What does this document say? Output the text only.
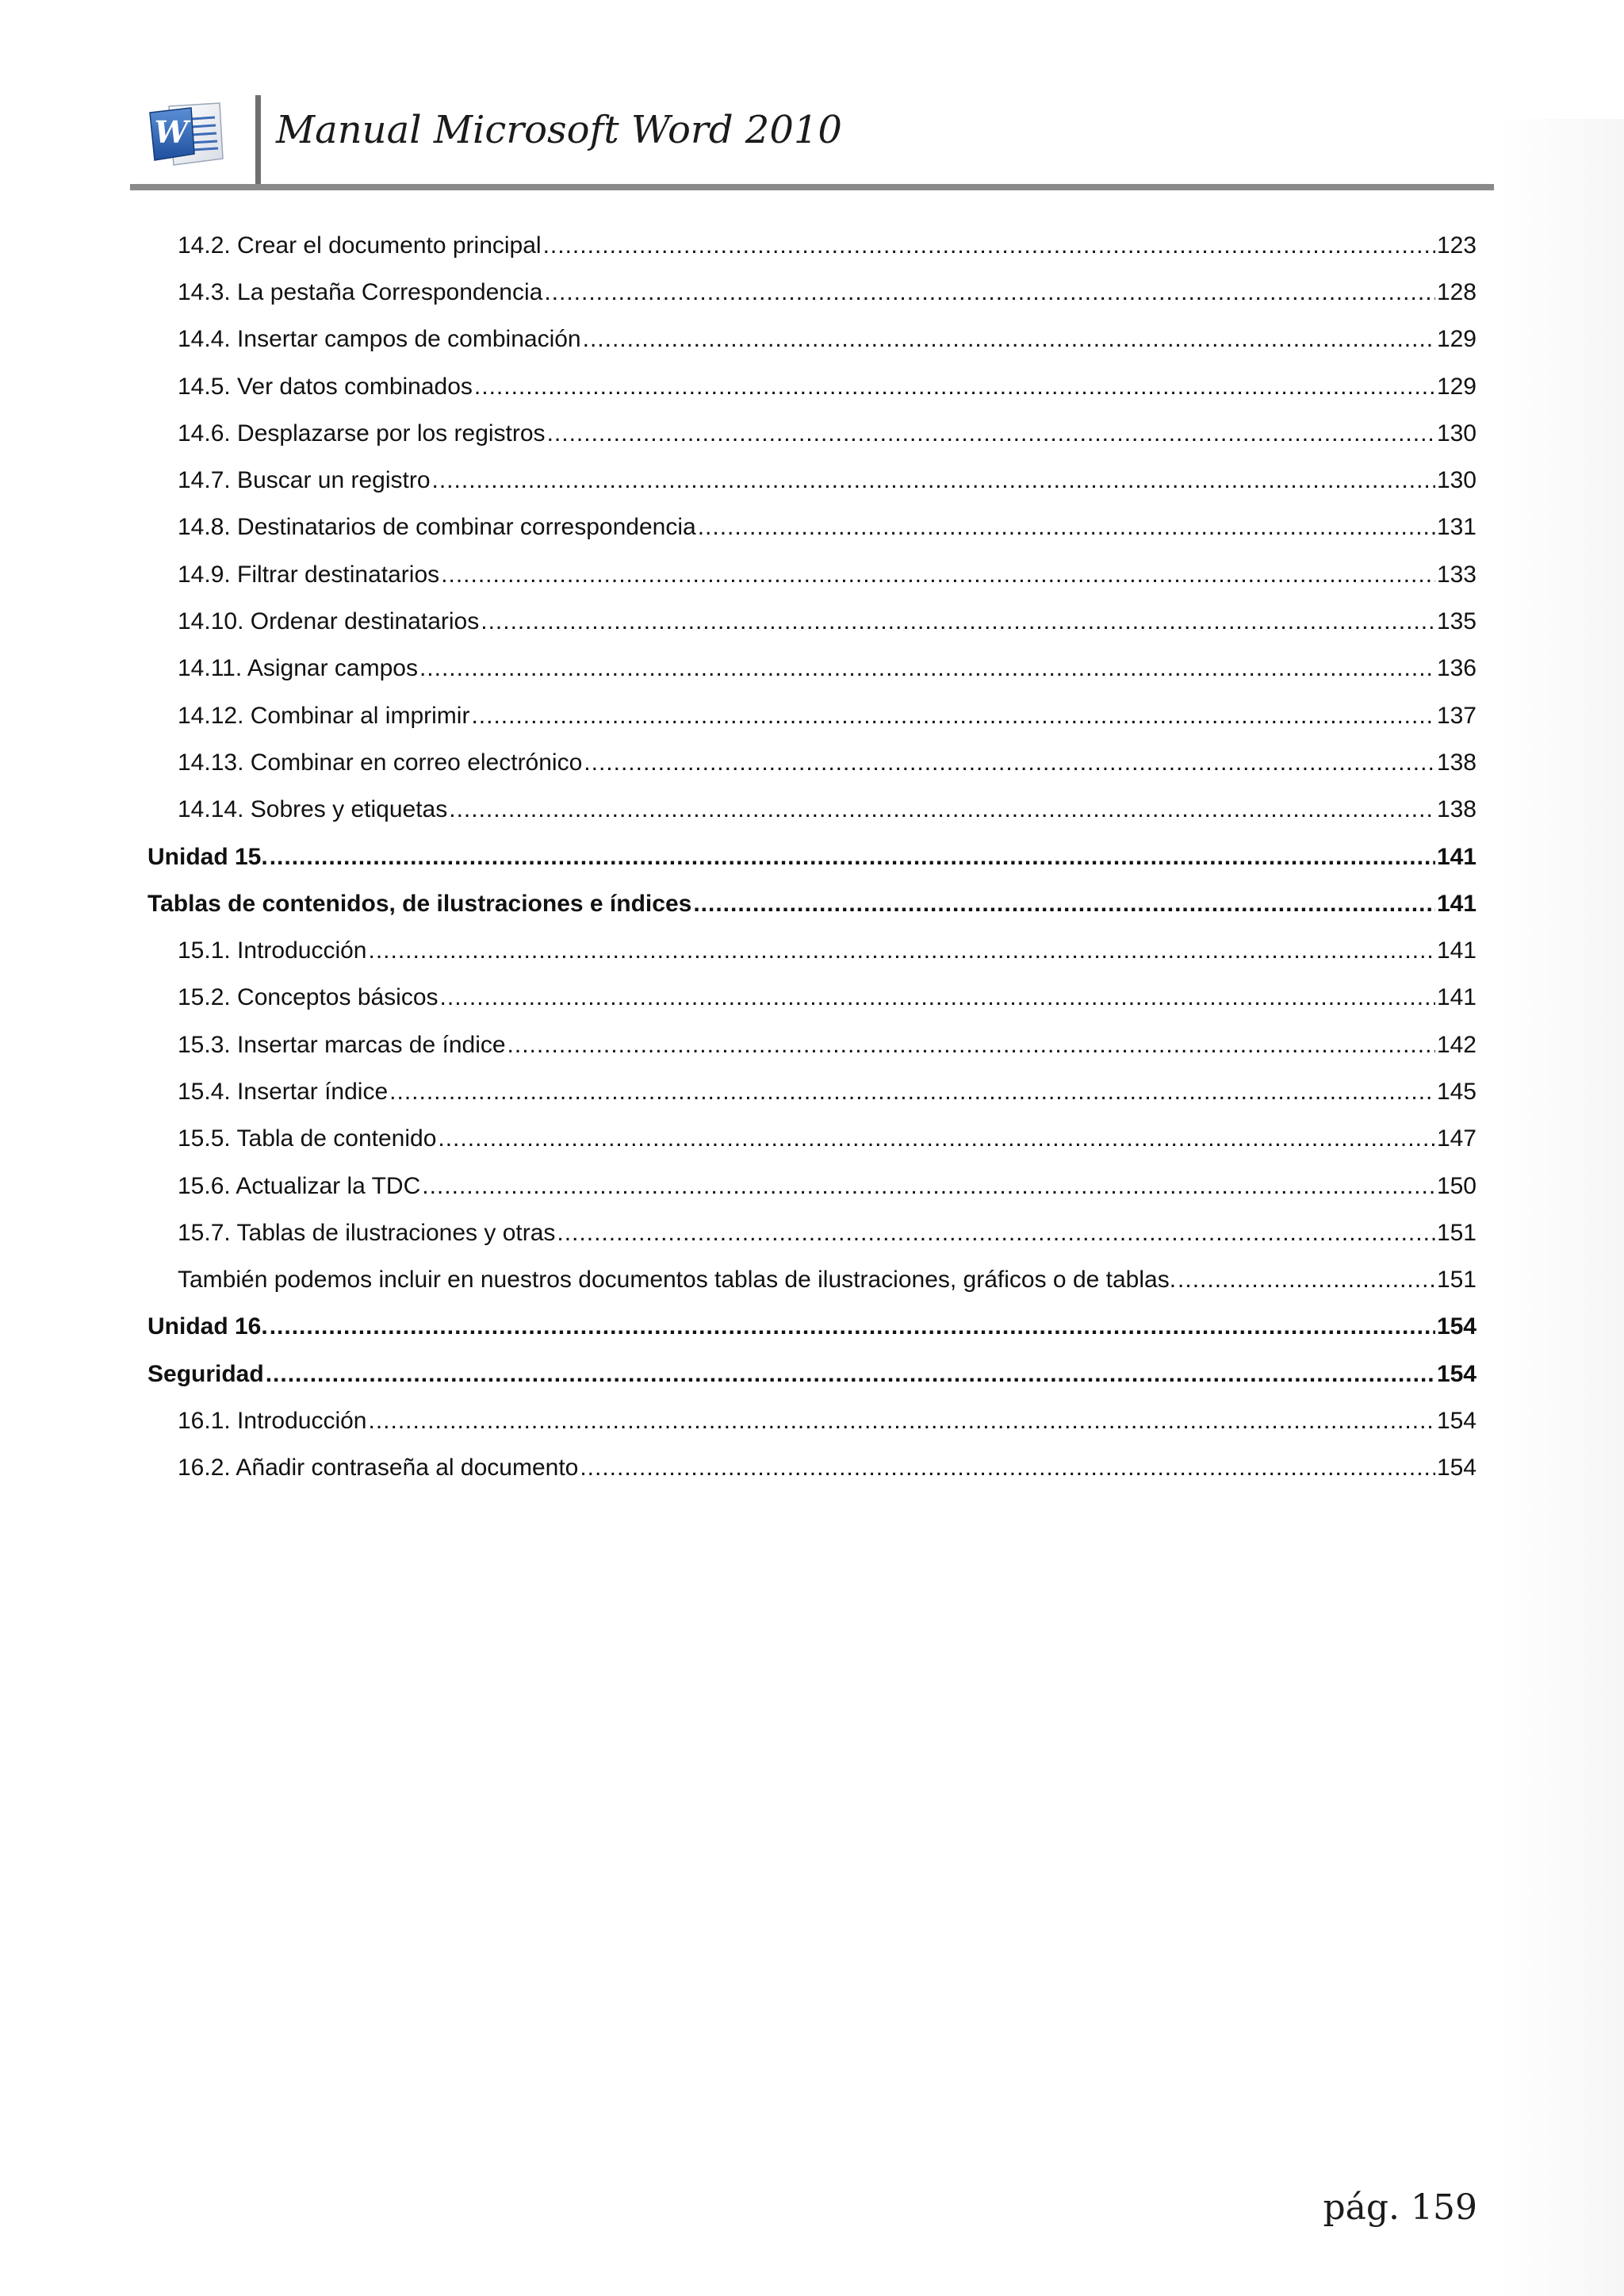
W Manual Microsoft Word 2010
14.2. Crear el documento principal .....	123
14.3. La pestaña Correspondencia .....	128
14.4. Insertar campos de combinación .....	129
14.5. Ver datos combinados .....	129
14.6. Desplazarse por los registros .....	130
14.7. Buscar un registro .....	130
14.8. Destinatarios de combinar correspondencia .....	131
14.9. Filtrar destinatarios .....	133
14.10. Ordenar destinatarios .....	135
14.11. Asignar campos .....	136
14.12. Combinar al imprimir .....	137
14.13. Combinar en correo electrónico .....	138
14.14. Sobres y etiquetas .....	138
Unidad 15. .....	141
Tablas de contenidos, de ilustraciones e índices .....	141
15.1. Introducción .....	141
15.2. Conceptos básicos .....	141
15.3. Insertar marcas de índice .....	142
15.4. Insertar índice .....	145
15.5. Tabla de contenido .....	147
15.6. Actualizar la TDC .....	150
15.7. Tablas de ilustraciones y otras .....	151
También podemos incluir en nuestros documentos tablas de ilustraciones, gráficos o de tablas. .....	151
Unidad 16. .....	154
Seguridad .....	154
16.1. Introducción .....	154
16.2. Añadir contraseña al documento .....	154
pág. 159
